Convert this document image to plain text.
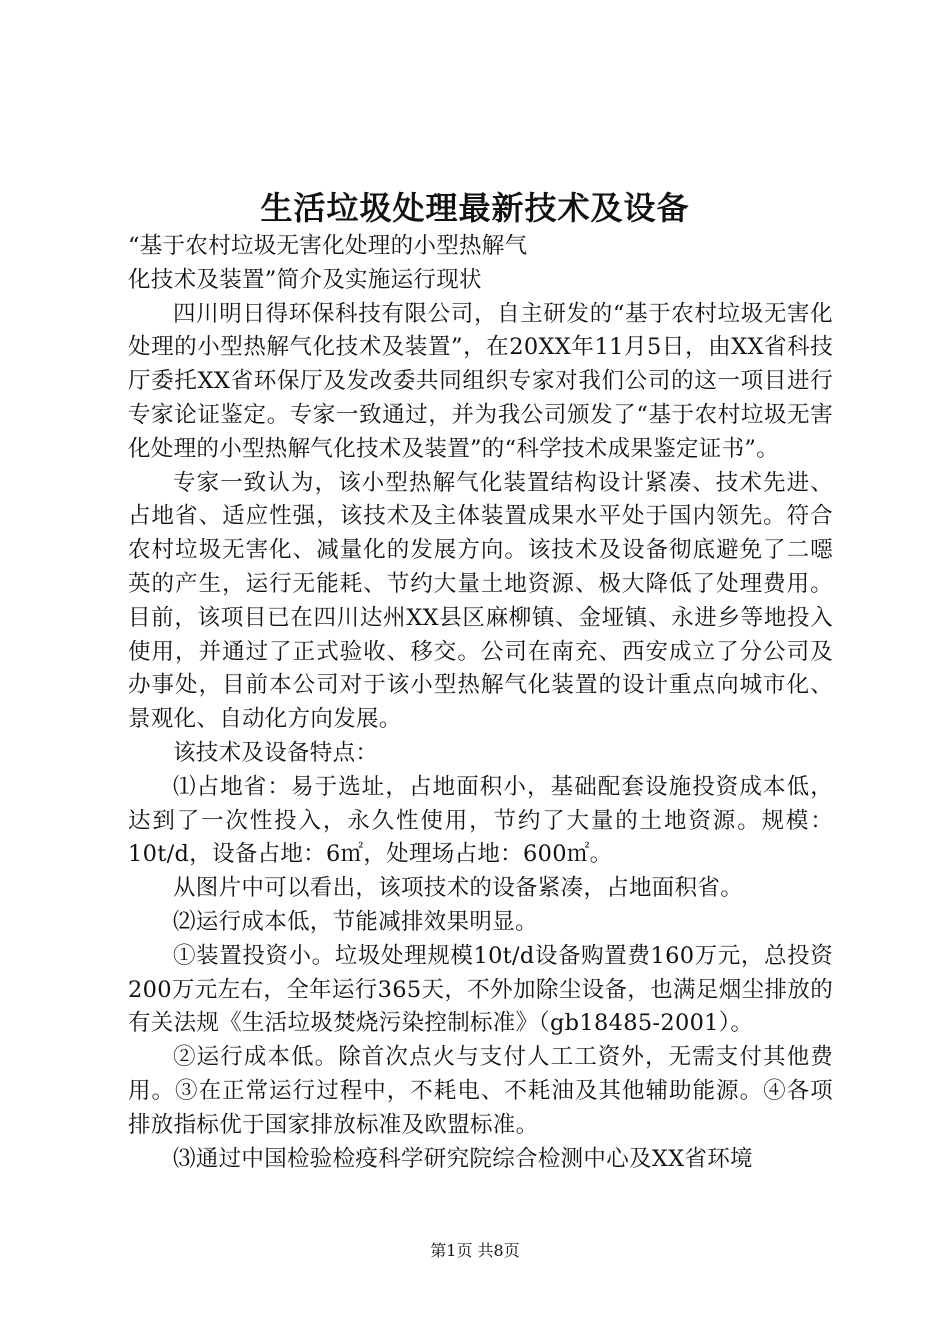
生活垃圾处理最新技术及设备

“基于农村垃圾无害化处理的小型热解气

化技术及装置”简介及实施运行现状

四川明日得环保科技有限公司，自主研发的“基于农村垃圾无害化处理的小型热解气化技术及装置”，在20XX年11月5日，由XX省科技厅委托XX省环保厅及发改委共同组织专家对我们公司的这一项目进行专家论证鉴定。专家一致通过，并为我公司颁发了“基于农村垃圾无害化处理的小型热解气化技术及装置”的“科学技术成果鉴定证书”。

专家一致认为，该小型热解气化装置结构设计紧凑、技术先进、占地省、适应性强，该技术及主体装置成果水平处于国内领先。符合农村垃圾无害化、减量化的发展方向。该技术及设备彻底避免了二噁英的产生，运行无能耗、节约大量土地资源、极大降低了处理费用。目前，该项目已在四川达州XX县区麻柳镇、金垭镇、永进乡等地投入使用，并通过了正式验收、移交。公司在南充、西安成立了分公司及办事处，目前本公司对于该小型热解气化装置的设计重点向城市化、景观化、自动化方向发展。

该技术及设备特点：

⑴占地省：易于选址，占地面积小，基础配套设施投资成本低，达到了一次性投入，永久性使用，节约了大量的土地资源。规模：10t/d，设备占地：6㎡，处理场占地：600㎡。

从图片中可以看出，该项技术的设备紧凑，占地面积省。

⑵运行成本低，节能减排效果明显。

①装置投资小。垃圾处理规模10t/d设备购置费160万元，总投资200万元左右，全年运行365天，不外加除尘设备，也满足烟尘排放的有关法规《生活垃圾焚烧污染控制标准》（gb18485-2001）。

②运行成本低。除首次点火与支付人工工资外，无需支付其他费用。③在正常运行过程中，不耗电、不耗油及其他辅助能源。④各项排放指标优于国家排放标准及欧盟标准。

⑶通过中国检验检疫科学研究院综合检测中心及XX省环境

第1页 共8页
